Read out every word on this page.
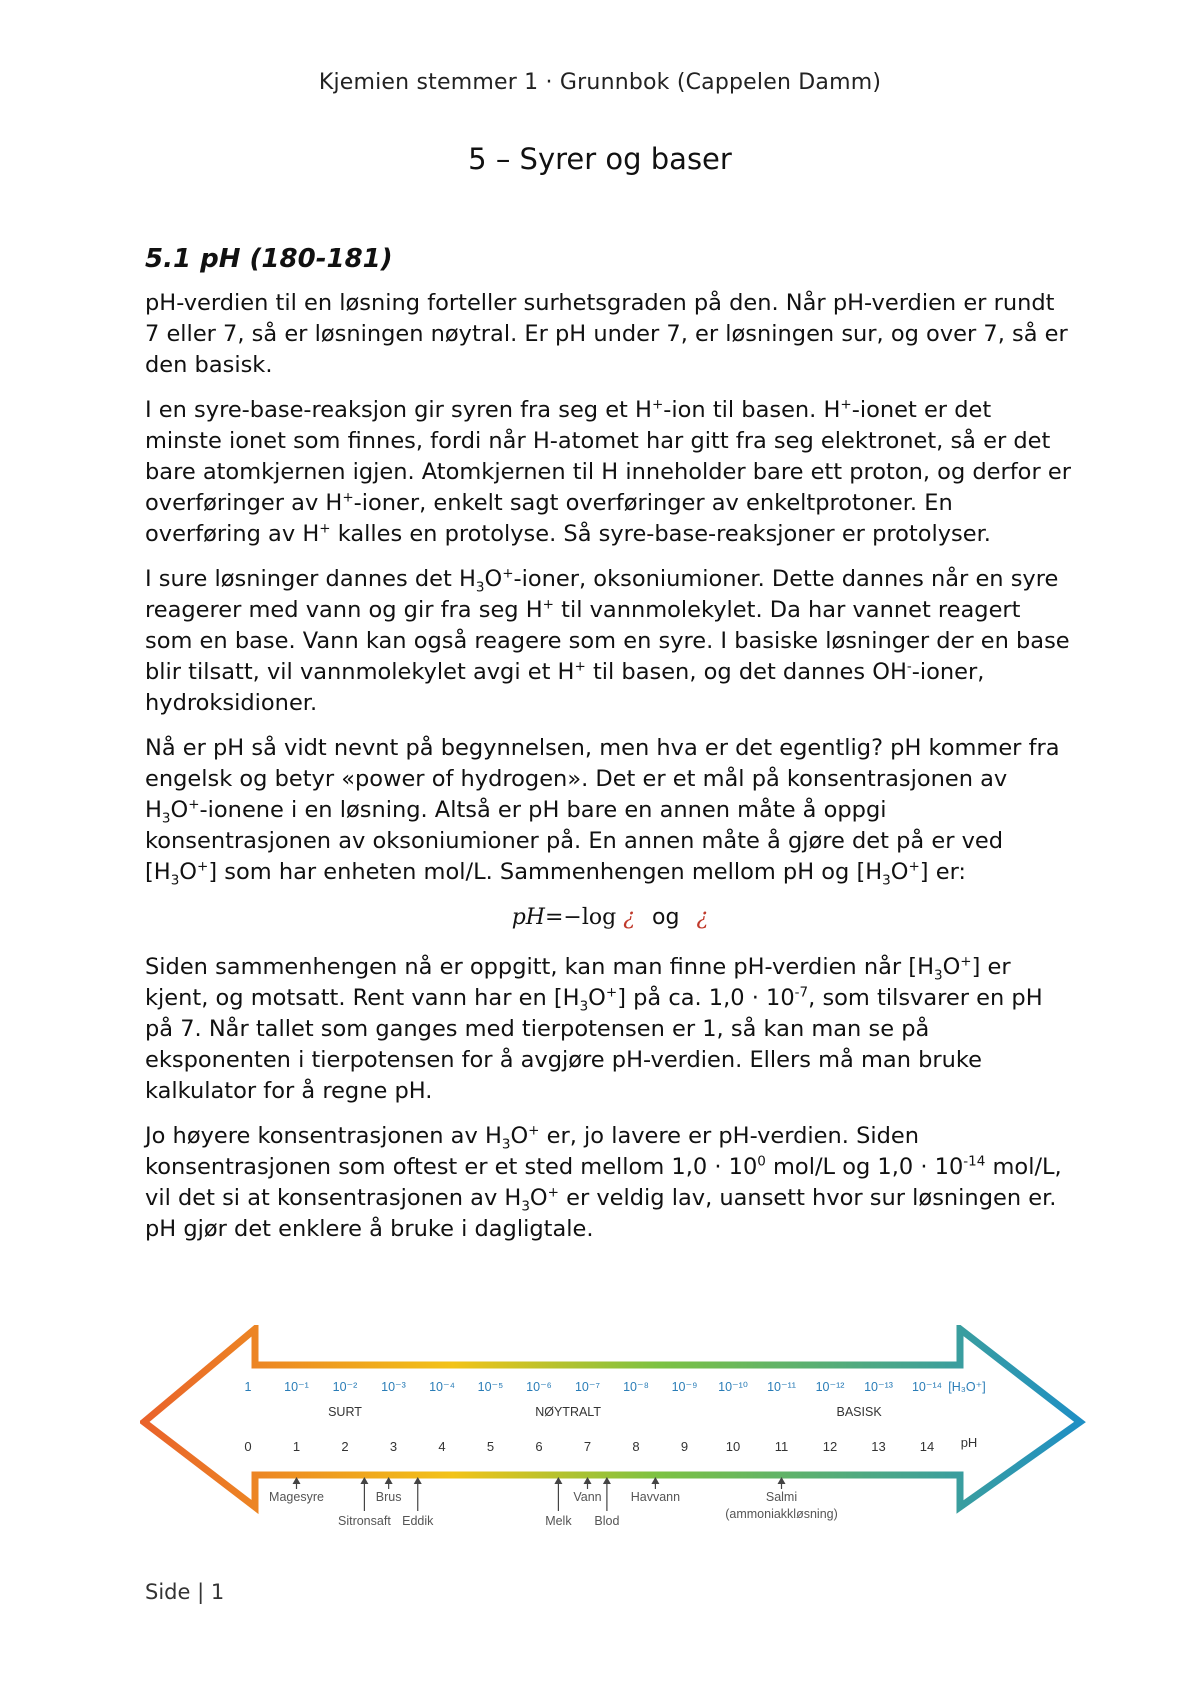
Kjemien stemmer 1 · Grunnbok (Cappelen Damm)
5 – Syrer og baser
5.1 pH (180-181)

pH-verdien til en løsning forteller surhetsgraden på den. Når pH-verdien er rundt 7 eller 7, så er løsningen nøytral. Er pH under 7, er løsningen sur, og over 7, så er den basisk.

I en syre-base-reaksjon gir syren fra seg et H+-ion til basen. H+-ionet er det minste ionet som finnes, fordi når H-atomet har gitt fra seg elektronet, så er det bare atomkjernen igjen. Atomkjernen til H inneholder bare ett proton, og derfor er overføringer av H+-ioner, enkelt sagt overføringer av enkeltprotoner. En overføring av H+ kalles en protolyse. Så syre-base-reaksjoner er protolyser.

I sure løsninger dannes $\det H_3O^+$-ioner, oksoniumioner. Dette dannes når en syre reagerer med vann og gir fra seg H+ til vannmolekylet. Da har vannet reagert som en base. Vann kan også reagere som en syre. I basiske løsninger der en base blir tilsatt, vil vannmolekylet avgi et H+ til basen, og det dannes OH--ioner, hydroksidioner.

Nå er pH så vidt nevnt på begynnelsen, men hva er det egentlig? pH kommer fra engelsk og betyr «power of hydrogen». Det er et mål på konsentrasjonen av $H_3O^+$-ionene i en løsning. Altså er pH bare en annen måte å oppgi konsentrasjonen av oksoniumioner på. En annen måte å gjøre det på er ved $[H_3O^+]$ som har enheten mol/L. Sammenhengen mellom pH og $[H_3O^+]$ er:

pH=−log ¿ og ¿

Siden sammenhengen nå er oppgitt, kan man finne pH-verdien når $[H_3O^+]$ er kjent, og motsatt. Rent vann har en $[H_3O^+]$ på ca. $1,0 \cdot 10^{-7}$, som tilsvarer en pH på 7. Når tallet som ganges med tierpotensen er 1, så kan man se på eksponenten i tierpotensen for å avgjøre pH-verdien. Ellers må man bruke kalkulator for å regne pH.

Jo høyere konsentrasjonen av $H_3O^+$ er, jo lavere er pH-verdien. Siden konsentrasjonen som oftest er et sted mellom $1,0 \cdot 10^0$ mol/L og $1,0 \cdot 10^{-14}$ mol/L, vil det si at konsentrasjonen av $H_3O^+$ er veldig lav, uansett hvor sur løsningen er. pH gjør det enklere å bruke i dagligtale.

1	10⁻¹ 10⁻² 10⁻³ 10⁻⁴ 10⁻⁵ 10⁻⁶ 10⁻⁷ 10⁻⁸ 10⁻⁹ 10⁻¹⁰ 10⁻¹¹ 10⁻¹² 10⁻¹³ 10⁻¹⁴ [H₃O⁺]
SURT	NØYTRALT	BASISK
0	1	2	3	4	5	6	7	8	9	10	11	12	13	14 pH
Magesyre
Sitronsaft
Brus
Eddik	Melk
Vann
Blod
Havvann	Salmi
(ammoniakkløsning)
Side | 1
